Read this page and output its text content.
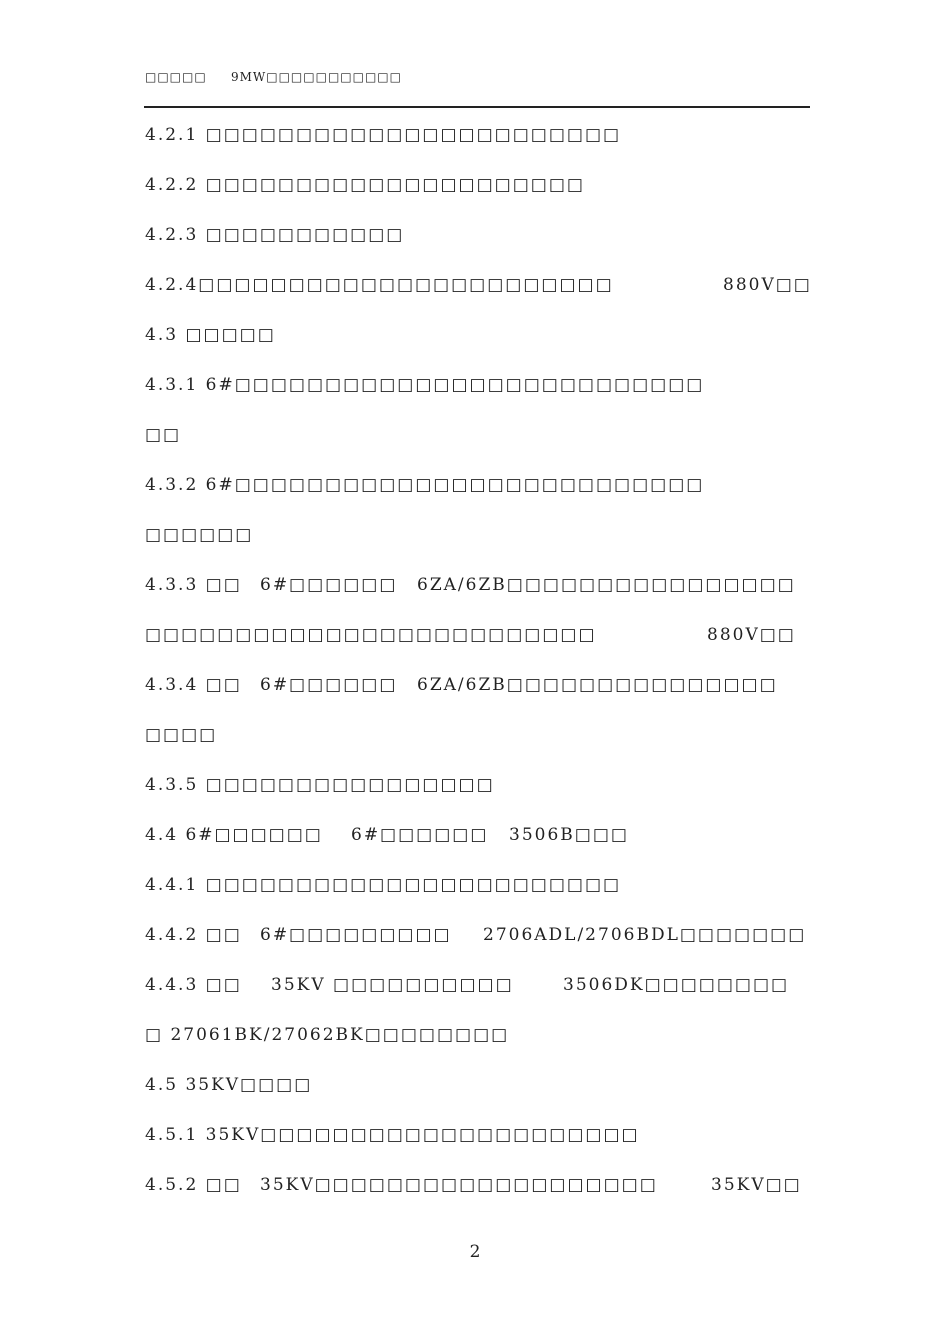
□□□□□ 9MW□□□□□□□□□□□
4.2.1 □□□□□□□□□□□□□□□□□□□□□□□
4.2.2 □□□□□□□□□□□□□□□□□□□□□
4.2.3 □□□□□□□□□□□
4.2.4□□□□□□□□□□□□□□□□□□□□□□□	880V□□
4.3 □□□□□
4.3.1 6#□□□□□□□□□□□□□□□□□□□□□□□□□□
□□
4.3.2 6#□□□□□□□□□□□□□□□□□□□□□□□□□□
□□□□□□
4.3.3 □□ 6#□□□□□□ 6ZA/6ZB□□□□□□□□□□□□□□□□
□□□□□□□□□□□□□□□□□□□□□□□□□	880V□□
4.3.4 □□ 6#□□□□□□ 6ZA/6ZB□□□□□□□□□□□□□□□
□□□□
4.3.5 □□□□□□□□□□□□□□□□
4.4 6#□□□□□□ 6#□□□□□□ 3506B□□□
4.4.1 □□□□□□□□□□□□□□□□□□□□□□□
4.4.2 □□ 6#□□□□□□□□□ 2706ADL/2706BDL□□□□□□□
4.4.3 □□ 35KV □□□□□□□□□□	3506DK□□□□□□□□
□ 27061BK/27062BK□□□□□□□□
4.5 35KV□□□□
4.5.1 35KV□□□□□□□□□□□□□□□□□□□□□
4.5.2 □□ 35KV□□□□□□□□□□□□□□□□□□□	35KV□□
2
